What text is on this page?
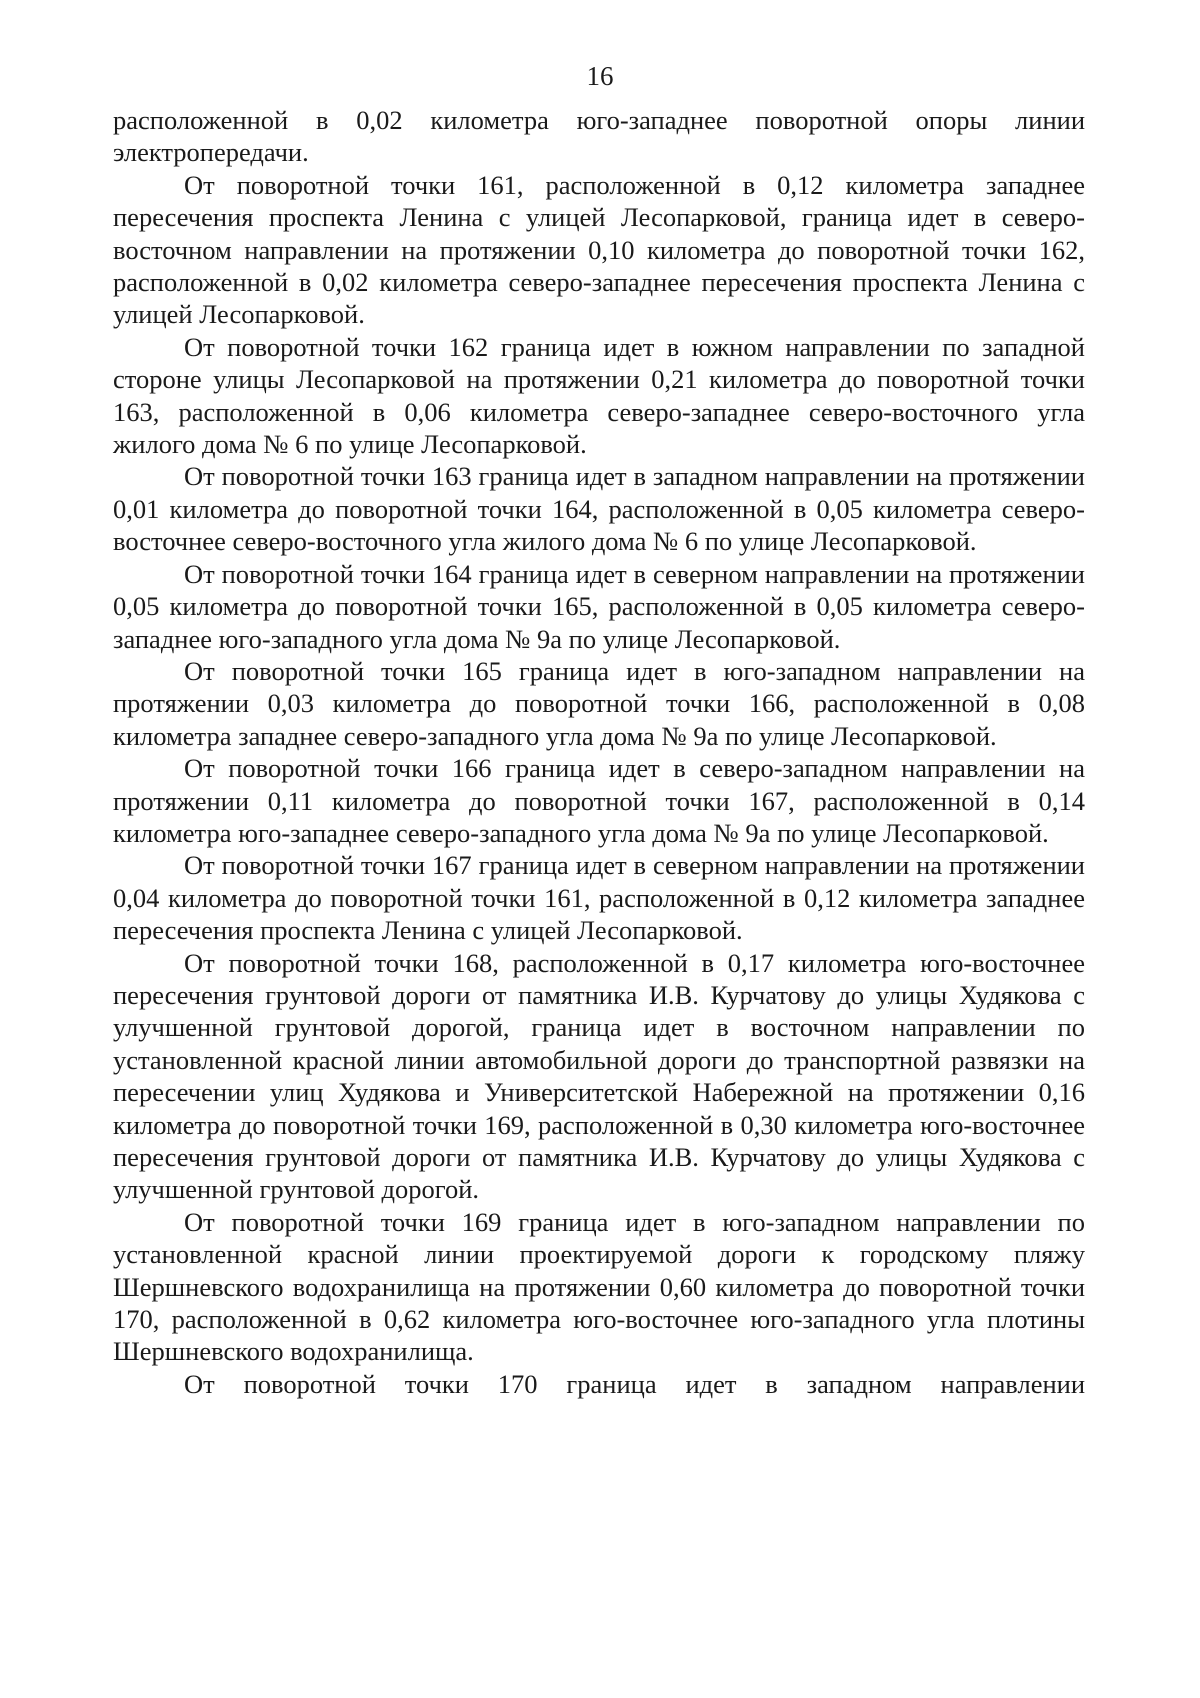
16

расположенной в 0,02 километра юго-западнее поворотной опоры линии электропередачи.

От поворотной точки 161, расположенной в 0,12 километра западнее пересечения проспекта Ленина с улицей Лесопарковой, граница идет в северо-восточном направлении на протяжении 0,10 километра до поворотной точки 162, расположенной в 0,02 километра северо-западнее пересечения проспекта Ленина с улицей Лесопарковой.

От поворотной точки 162 граница идет в южном направлении по западной стороне улицы Лесопарковой на протяжении 0,21 километра до поворотной точки 163, расположенной в 0,06 километра северо-западнее северо-восточного угла жилого дома № 6 по улице Лесопарковой.

От поворотной точки 163 граница идет в западном направлении на протяжении 0,01 километра до поворотной точки 164, расположенной в 0,05 километра северо-восточнее северо-восточного угла жилого дома № 6 по улице Лесопарковой.

От поворотной точки 164 граница идет в северном направлении на протяжении 0,05 километра до поворотной точки 165, расположенной в 0,05 километра северо-западнее юго-западного угла дома № 9а по улице Лесопарковой.

От поворотной точки 165 граница идет в юго-западном направлении на протяжении 0,03 километра до поворотной точки 166, расположенной в 0,08 километра западнее северо-западного угла дома № 9а по улице Лесопарковой.

От поворотной точки 166 граница идет в северо-западном направлении на протяжении 0,11 километра до поворотной точки 167, расположенной в 0,14 километра юго-западнее северо-западного угла дома № 9а по улице Лесопарковой.

От поворотной точки 167 граница идет в северном направлении на протяжении 0,04 километра до поворотной точки 161, расположенной в 0,12 километра западнее пересечения проспекта Ленина с улицей Лесопарковой.

От поворотной точки 168, расположенной в 0,17 километра юго-восточнее пересечения грунтовой дороги от памятника И.В. Курчатову до улицы Худякова с улучшенной грунтовой дорогой, граница идет в восточном направлении по установленной красной линии автомобильной дороги до транспортной развязки на пересечении улиц Худякова и Университетской Набережной на протяжении 0,16 километра до поворотной точки 169, расположенной в 0,30 километра юго-восточнее пересечения грунтовой дороги от памятника И.В. Курчатову до улицы Худякова с улучшенной грунтовой дорогой.

От поворотной точки 169 граница идет в юго-западном направлении по установленной красной линии проектируемой дороги к городскому пляжу Шершневского водохранилища на протяжении 0,60 километра до поворотной точки 170, расположенной в 0,62 километра юго-восточнее юго-западного угла плотины Шершневского водохранилища.

От поворотной точки 170 граница идет в западном направлении
